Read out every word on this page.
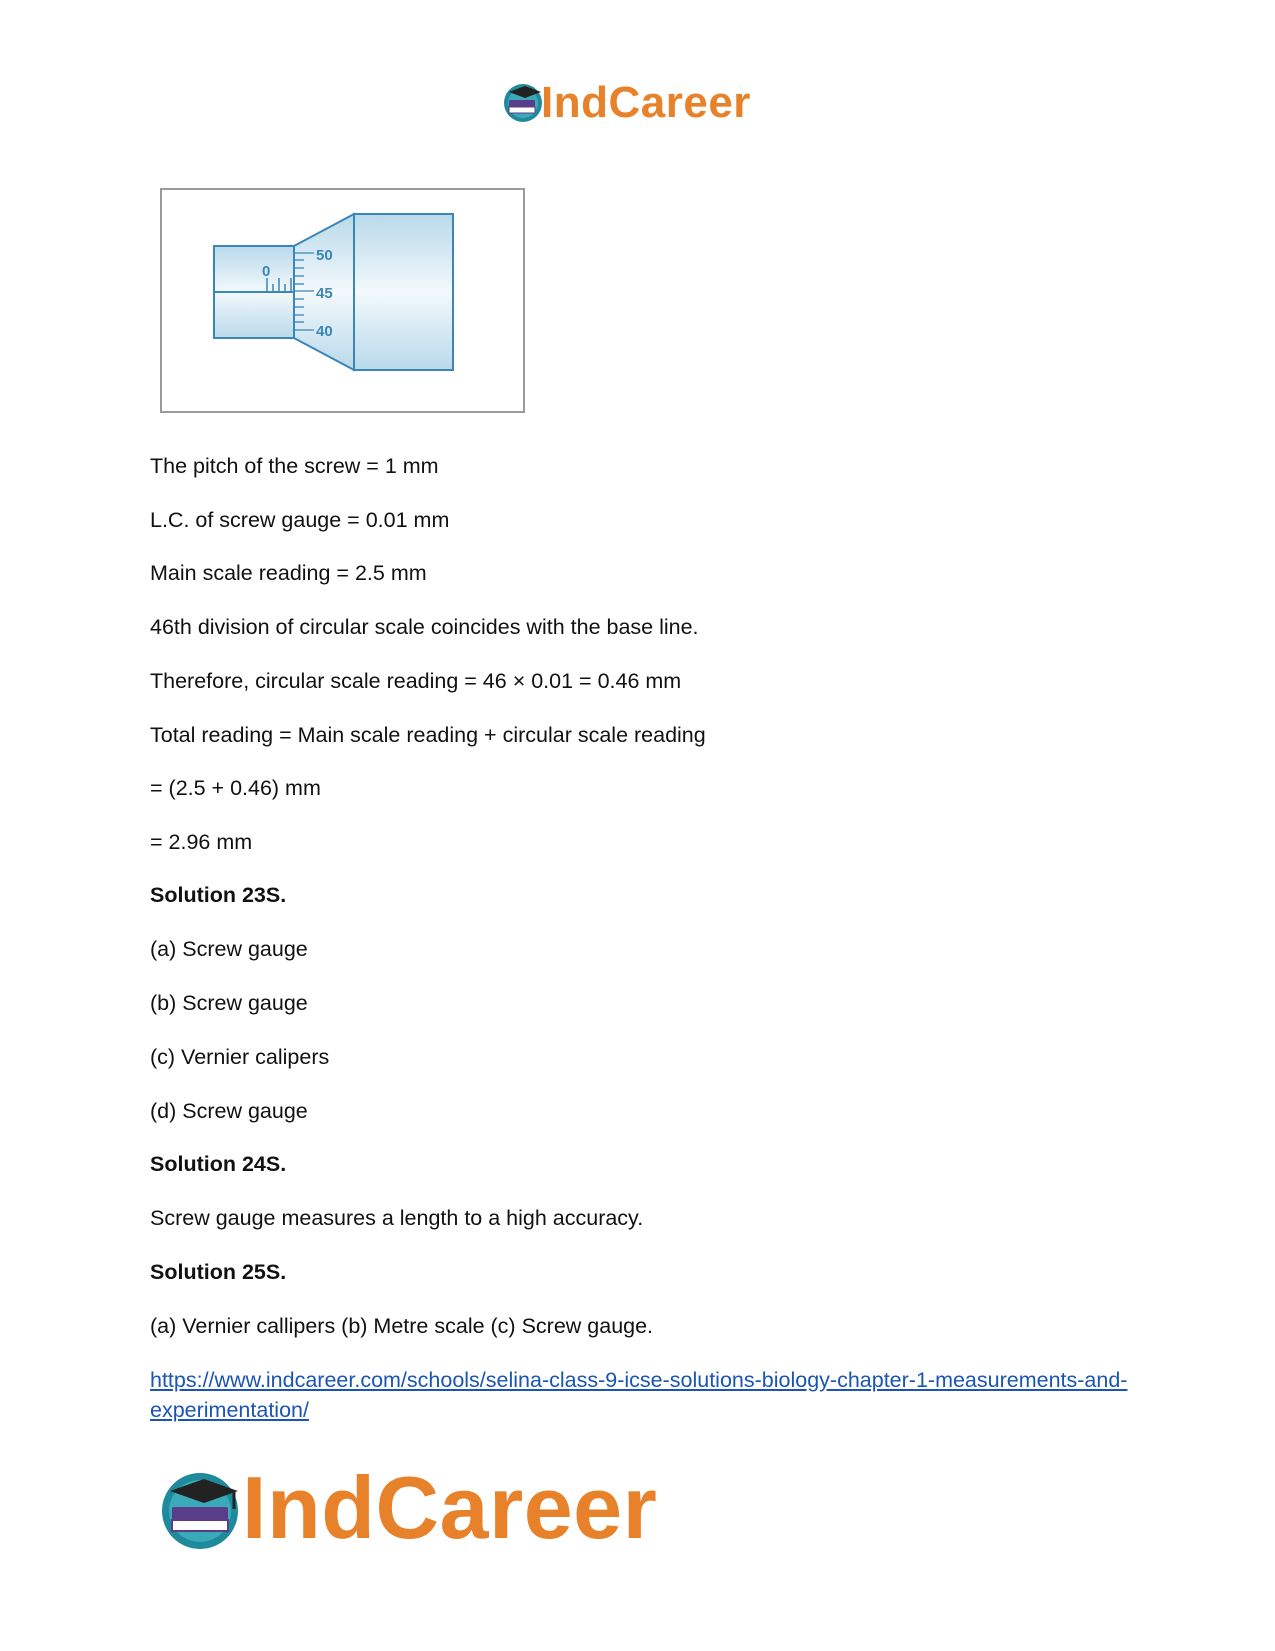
IndCareer
0
50
45
40
The pitch of the screw = 1 mm
L.C. of screw gauge = 0.01 mm
Main scale reading = 2.5 mm
46th division of circular scale coincides with the base line.
Therefore, circular scale reading = 46 × 0.01 = 0.46 mm
Total reading = Main scale reading + circular scale reading
= (2.5 + 0.46) mm
= 2.96 mm
Solution 23S.
(a) Screw gauge
(b) Screw gauge
(c) Vernier calipers
(d) Screw gauge
Solution 24S.
Screw gauge measures a length to a high accuracy.
Solution 25S.
(a) Vernier callipers (b) Metre scale (c) Screw gauge.
https://www.indcareer.com/schools/selina-class-9-icse-solutions-biology-chapter-1-measurements-and-experimentation/
IndCareer
